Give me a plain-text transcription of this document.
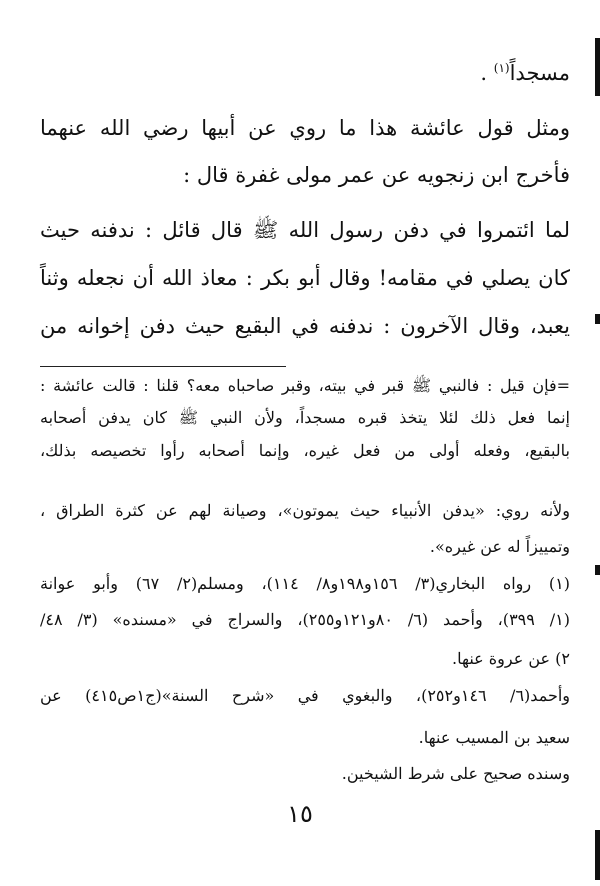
مسجداً$^{(١)}$ .
ومثل قول عائشة هذا ما روي عن أبيها رضي الله عنهما
فأخرج ابن زنجويه عن عمر مولى غفرة قال :
لما ائتمروا في دفن رسول الله ﷺ قال قائل : ندفنه حيث
كان يصلي في مقامه! وقال أبو بكر : معاذ الله أن نجعله وثناً
يعبد، وقال الآخرون : ندفنه في البقيع حيث دفن إخوانه من
=فإن قيل : فالنبي ﷺ قبر في بيته، وقبر صاحباه معه؟ قلنا : قالت عائشة :
إنما فعل ذلك لئلا يتخذ قبره مسجداً، ولأن النبي ﷺ كان يدفن أصحابه
بالبقيع، وفعله أولى من فعل غيره، وإنما أصحابه رأوا تخصيصه بذلك،
ولأنه روي: «يدفن الأنبياء حيث يموتون»، وصيانة لهم عن كثرة الطراق ،
وتمييزاً له عن غيره».
(١) رواه البخاري(٣/ ١٥٦و١٩٨و٨/ ١١٤)، ومسلم(٢/ ٦٧) وأبو عوانة
(١/ ٣٩٩)، وأحمد (٦/ ٨٠و١٢١و٢٥٥)، والسراج في «مسنده» (٣/ ٤٨/
٢) عن عروة عنها.
وأحمد(٦/ ١٤٦و٢٥٢)، والبغوي في «شرح السنة»(ج١ص٤١٥) عن
سعيد بن المسيب عنها.
وسنده صحيح على شرط الشيخين.
١٥
